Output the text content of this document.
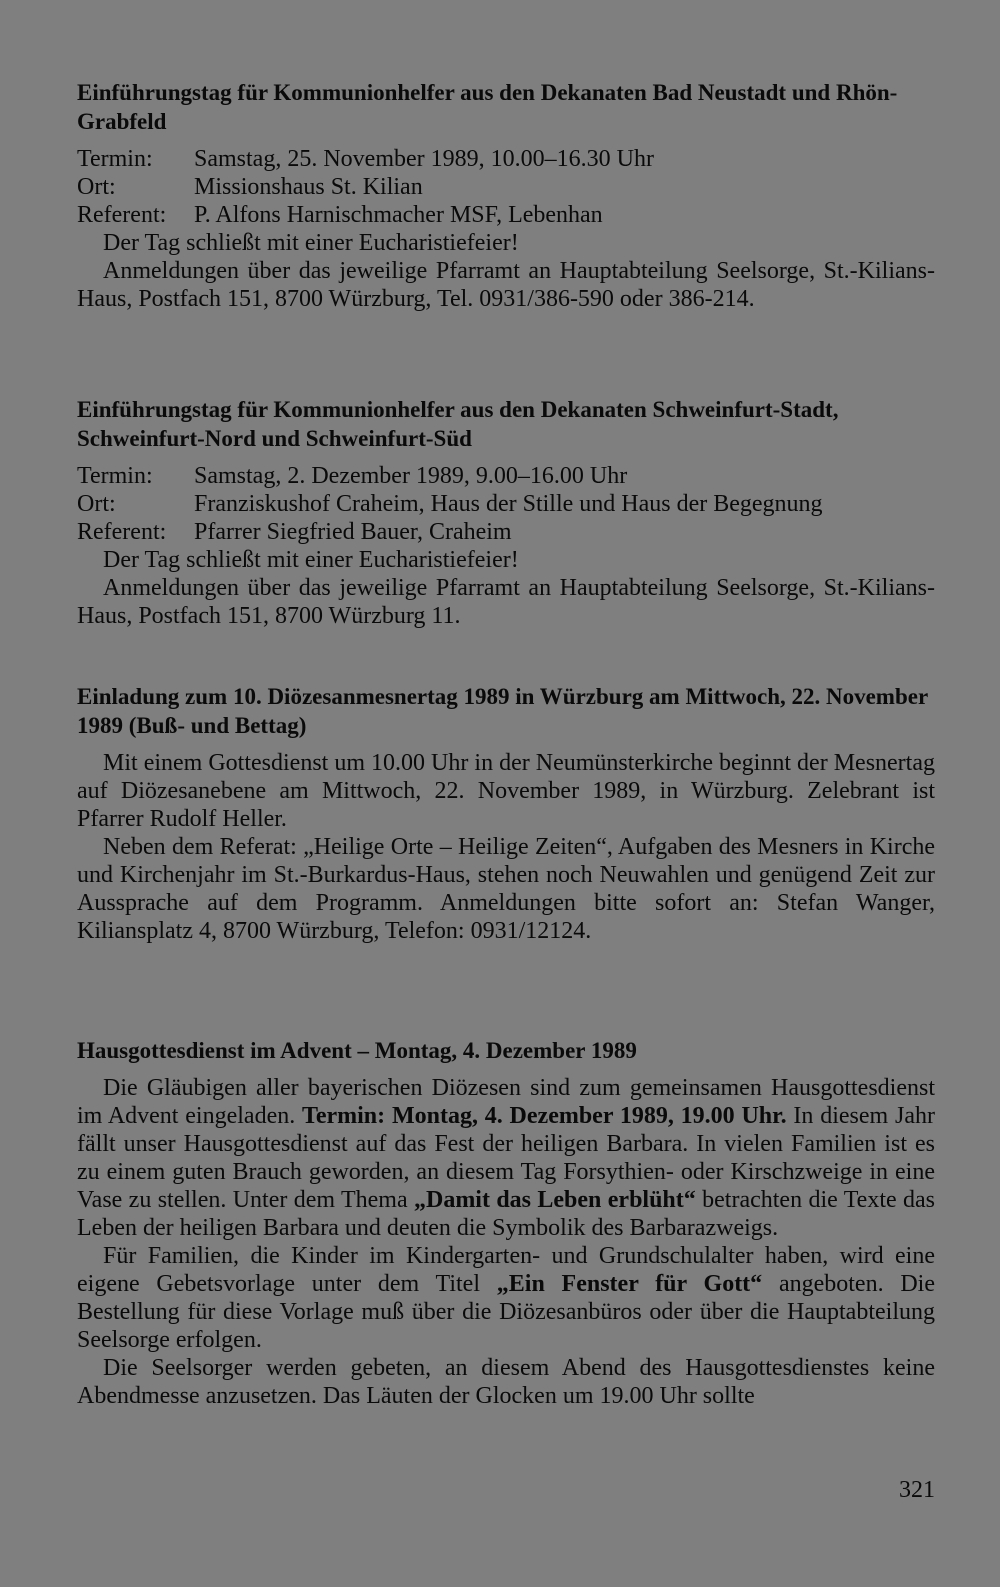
Einführungstag für Kommunionhelfer aus den Dekanaten Bad Neustadt und Rhön-Grabfeld
Termin:	Samstag, 25. November 1989, 10.00–16.30 Uhr
Ort:	Missionshaus St. Kilian
Referent:	P. Alfons Harnischmacher MSF, Lebenhan

Der Tag schließt mit einer Eucharistiefeier!

Anmeldungen über das jeweilige Pfarramt an Hauptabteilung Seelsorge, St.-Kilians-Haus, Postfach 151, 8700 Würzburg, Tel. 0931/386-590 oder 386-214.

Einführungstag für Kommunionhelfer aus den Dekanaten Schweinfurt-Stadt, Schweinfurt-Nord und Schweinfurt-Süd
Termin:	Samstag, 2. Dezember 1989, 9.00–16.00 Uhr
Ort:	Franziskushof Craheim, Haus der Stille und Haus der Begegnung
Referent:	Pfarrer Siegfried Bauer, Craheim

Der Tag schließt mit einer Eucharistiefeier!

Anmeldungen über das jeweilige Pfarramt an Hauptabteilung Seelsorge, St.-Kilians-Haus, Postfach 151, 8700 Würzburg 11.

Einladung zum 10. Diözesanmesnertag 1989 in Würzburg am Mittwoch, 22. November 1989 (Buß- und Bettag)

Mit einem Gottesdienst um 10.00 Uhr in der Neumünsterkirche beginnt der Mesnertag auf Diözesanebene am Mittwoch, 22. November 1989, in Würzburg. Zelebrant ist Pfarrer Rudolf Heller.

Neben dem Referat: „Heilige Orte – Heilige Zeiten“, Aufgaben des Mesners in Kirche und Kirchenjahr im St.-Burkardus-Haus, stehen noch Neuwahlen und genügend Zeit zur Aussprache auf dem Programm. Anmeldungen bitte sofort an: Stefan Wanger, Kiliansplatz 4, 8700 Würzburg, Telefon: 0931/12124.

Hausgottesdienst im Advent – Montag, 4. Dezember 1989

Die Gläubigen aller bayerischen Diözesen sind zum gemeinsamen Hausgottesdienst im Advent eingeladen. Termin: Montag, 4. Dezember 1989, 19.00 Uhr. In diesem Jahr fällt unser Hausgottesdienst auf das Fest der heiligen Barbara. In vielen Familien ist es zu einem guten Brauch geworden, an diesem Tag Forsythien- oder Kirschzweige in eine Vase zu stellen. Unter dem Thema „Damit das Leben erblüht“ betrachten die Texte das Leben der heiligen Barbara und deuten die Symbolik des Barbarazweigs.

Für Familien, die Kinder im Kindergarten- und Grundschulalter haben, wird eine eigene Gebetsvorlage unter dem Titel „Ein Fenster für Gott“ angeboten. Die Bestellung für diese Vorlage muß über die Diözesanbüros oder über die Hauptabteilung Seelsorge erfolgen.

Die Seelsorger werden gebeten, an diesem Abend des Hausgottesdienstes keine Abendmesse anzusetzen. Das Läuten der Glocken um 19.00 Uhr sollte

321
